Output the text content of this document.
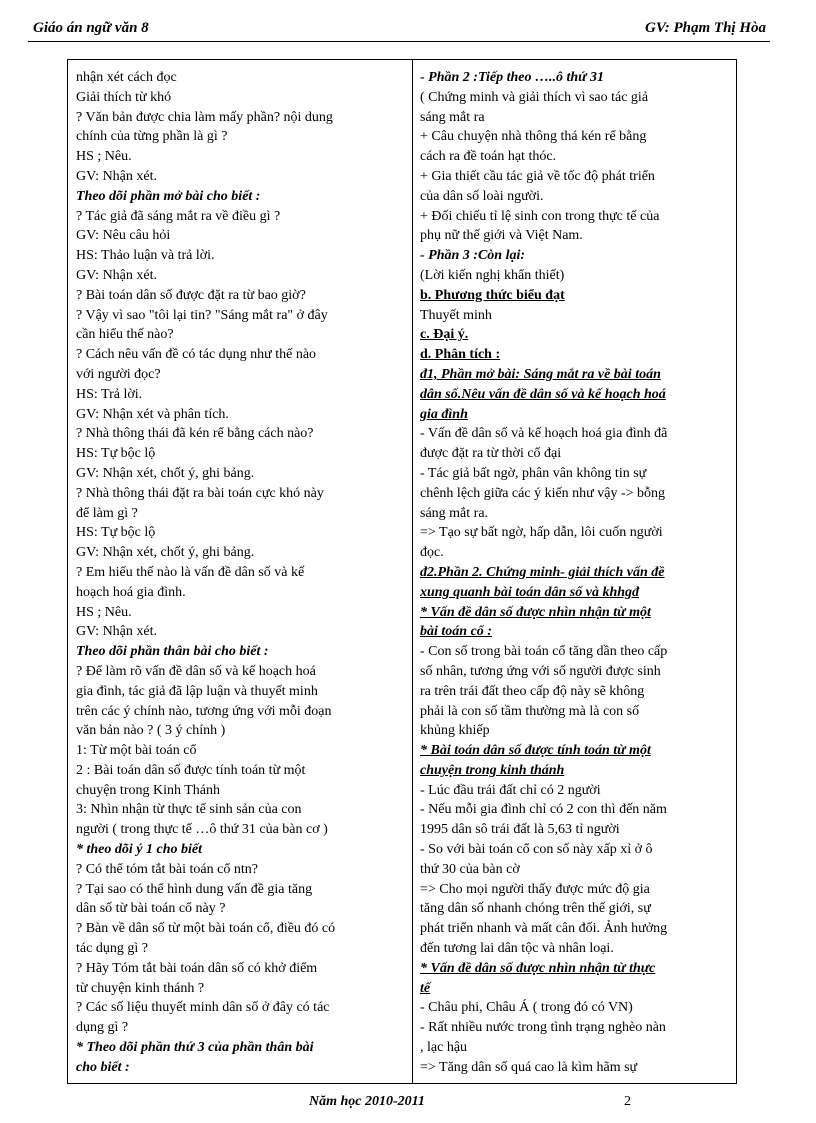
Giáo án ngữ văn 8	GV: Phạm Thị Hòa
nhận xét cách đọc
Giải thích từ khó
? Văn bản được chia làm mấy phần? nội dung
chính của từng phần là gì ?
HS ; Nêu.
GV: Nhận xét.
Theo dõi phần mở bài cho biết :
? Tác giả đã sáng mắt ra về điều gì ?
GV: Nêu câu hỏi
HS: Thảo luận và trả lời.
GV: Nhận xét.
? Bài toán dân số được đặt ra từ bao giờ?
? Vậy vì sao "tôi lại tin? "Sáng mắt ra" ở đây
cần hiểu thế nào?
? Cách nêu vấn đề có tác dụng như thế nào
với người đọc?
HS: Trả lời.
GV: Nhận xét và phân tích.
? Nhà thông thái đã kén rể bằng cách nào?
HS: Tự bộc lộ
GV: Nhận xét, chốt ý, ghi bảng.
? Nhà thông thái đặt ra bài toán cực khó này
để làm gì ?
HS: Tự bộc lộ
GV: Nhận xét, chốt ý, ghi bảng.
? Em hiểu thế nào là vấn đề dân số và kế
hoạch hoá gia đình.
HS ; Nêu.
GV: Nhận xét.
Theo dõi phần thân bài cho biết :
? Để làm rõ vấn đề dân số và kế hoạch hoá
gia đình, tác giả đã lập luận và thuyết minh
trên các ý chính nào, tương ứng với mỗi đoạn
văn bản nào ? ( 3 ý chính )
1: Từ một bài toán cổ
2 : Bài toán dân số được tính toán từ một
chuyện trong Kinh Thánh
3: Nhìn nhận từ thực tế sinh sản của con
người ( trong thực tế …ô thứ 31 của bàn cơ )
* theo dõi ý 1 cho biết
? Có thể tóm tắt bài toán cổ ntn?
? Tại sao có thể hình dung vấn đề gia tăng
dân số từ bài toán cổ này ?
? Bàn về dân số từ một bài toán cổ, điều đó có
tác dụng gì ?
? Hãy Tóm tắt bài toán dân số có khở điểm
từ chuyện kinh thánh ?
? Các số liệu thuyết minh dân số ở đây có tác
dụng gì ?
* Theo dõi phần thứ 3 của phần thân bài
cho biết :
- Phần 2 :Tiếp theo …..ô thứ 31
( Chứng minh và giải thích vì sao tác giả
sáng mắt ra
+ Câu chuyện nhà thông thá kén rể bằng
cách ra đề toán hạt thóc.
+ Gia thiết cầu tác giả về tốc độ phát triển
của dân số loài người.
+ Đối chiếu tỉ lệ sinh con trong thực tế của
phụ nữ thế giới và Việt Nam.
- Phần 3 :Còn lại:
(Lời kiến nghị khẩn thiết)
b. Phương thức biểu đạt
Thuyết minh
c. Đại ý.
d. Phân tích :
đ1, Phần mở bài: Sáng mắt ra về bài toán
dân số.Nêu vấn đề dân số và kế hoạch hoá
gia đình
- Vấn đề dân số và kế hoạch hoá gia đình đã
được đặt ra từ thời cổ đại
- Tác giả bất ngờ, phân vân không tin sự
chênh lệch giữa các ý kiến như vậy -> bỗng
sáng mắt ra.
=> Tạo sự bất ngờ, hấp dẫn, lôi cuốn người
đọc.
đ2.Phần 2. Chứng minh- giải thích vấn đề
xung quanh bài toán dân số và khhgđ
* Vấn đề dân số được nhìn nhận từ một
bài toán cổ :
- Con số trong bài toán cổ tăng dần theo cấp
số nhân, tương ứng với số người được sinh
ra trên trái đất theo cấp độ này sẽ không
phải là con số tầm thường mà là con số
khủng khiếp
* Bài toán dân số được tính toán từ một
chuyện trong kinh thánh
- Lúc đầu trái đất chỉ có 2 người
- Nếu mỗi gia đình chỉ có 2 con thì đến năm
1995 dân sô trái đất là 5,63 tỉ người
- So với bài toán cổ con số này xấp xỉ ở ô
thứ 30 của bàn cờ
=> Cho mọi người thấy được mức độ gia
tăng dân số nhanh chóng trên thế giới, sự
phát triển nhanh và mất cân đối. Ảnh hưởng
đến tương lai dân tộc và nhân loại.
* Vấn đề dân số được nhìn nhận từ thực
tế
- Châu phi, Châu Á ( trong đó có VN)
- Rất nhiều nước trong tình trạng nghèo nàn
, lạc hậu
=> Tăng dân số quá cao là kìm hãm sự
Năm học 2010-2011	2
